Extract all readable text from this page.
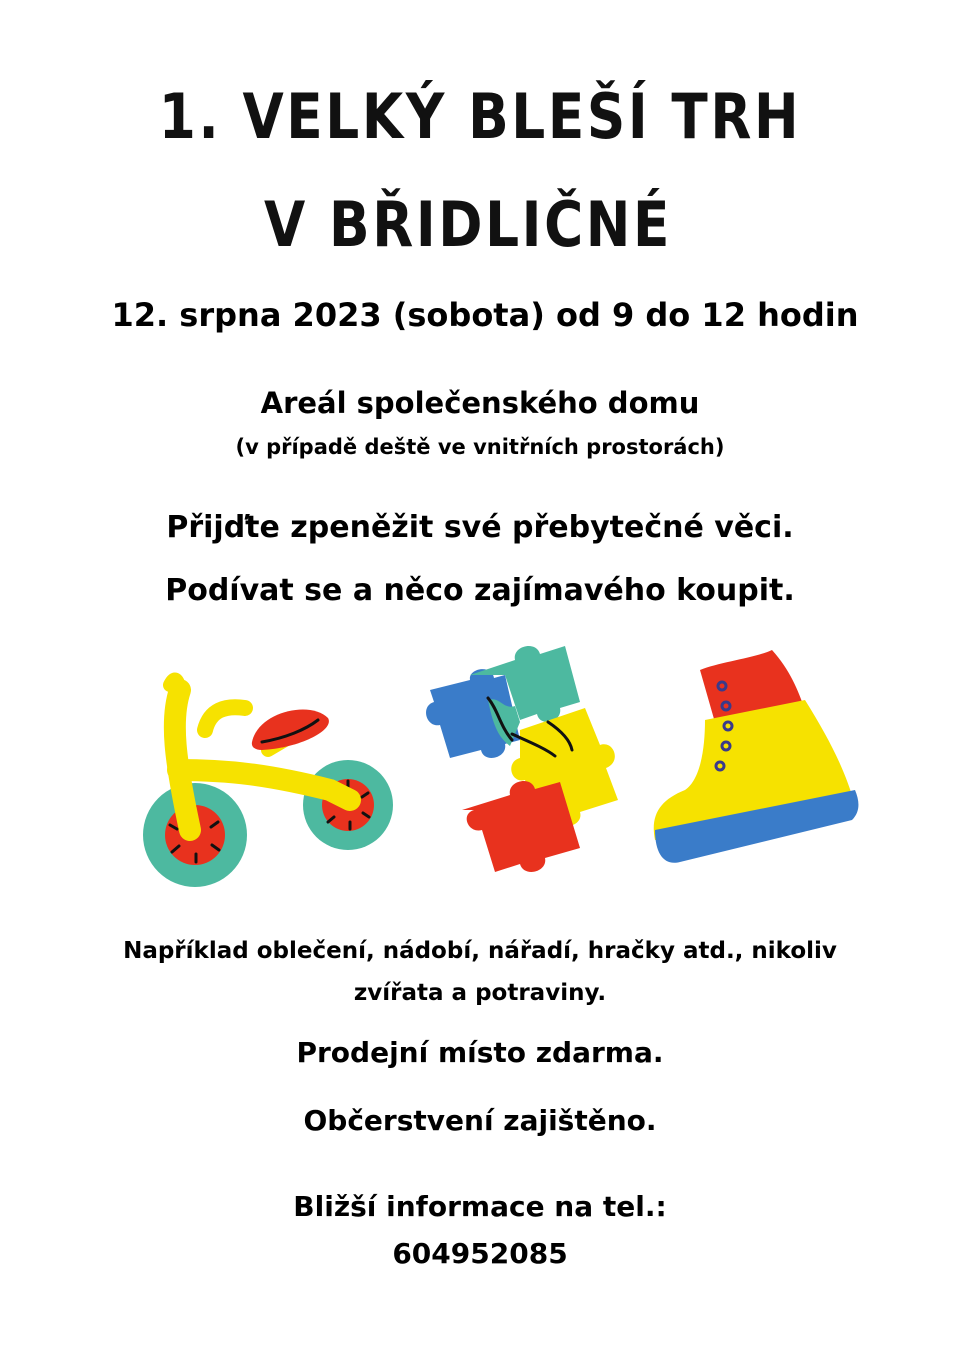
1. VELKÝ BLEŠÍ TRH
V BŘIDLIČNÉ
12. srpna 2023 (sobota) od 9 do 12 hodin
Areál společenského domu
(v případě deště ve vnitřních prostorách)
Přijďte zpeněžit své přebytečné věci.
Podívat se a něco zajímavého koupit.
Například oblečení, nádobí, nářadí, hračky atd., nikoliv
zvířata a potraviny.
Prodejní místo zdarma.
Občerstvení zajištěno.
Bližší informace na tel.:
604952085
